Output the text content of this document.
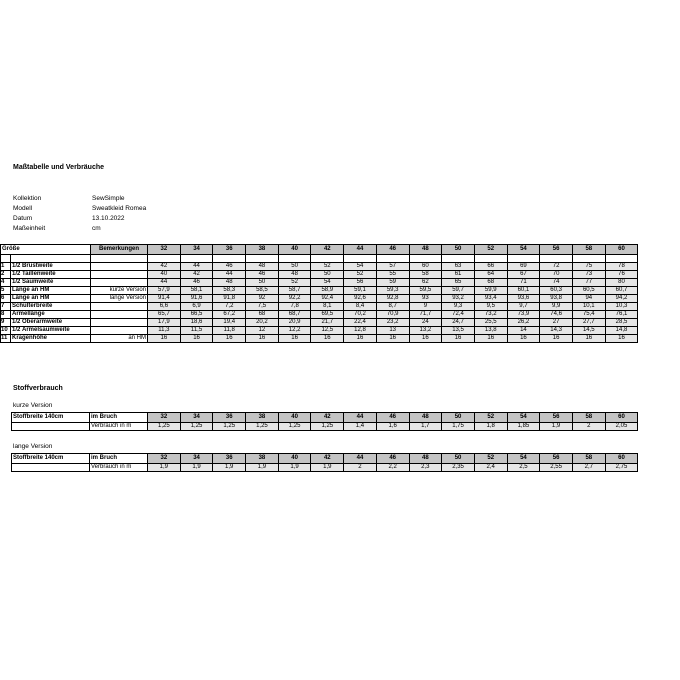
Maßtabelle und Verbräuche
Kollektion	SewSimple
Modell	Sweatkleid Romea
Datum	13.10.2022
Maßeinheit	cm
Größe		Bemerkungen	32	34	36	38	40	42	44	46	48	50	52	54	56	58	60

1	1/2 Brustweite		42	44	46	48	50	52	54	57	60	63	66	69	72	75	78
2	1/2 Taillenweite		40	42	44	46	48	50	52	55	58	61	64	67	70	73	76
4	1/2 Saumweite		44	46	48	50	52	54	56	59	62	65	68	71	74	77	80
5	Länge an HM	kurze Version	57,9	58,1	58,3	58,5	58,7	58,9	59,1	59,3	59,5	59,7	59,9	60,1	60,3	60,5	60,7
6	Länge an HM	lange Version	91,4	91,6	91,8	92	92,2	92,4	92,6	92,8	93	93,2	93,4	93,6	93,8	94	94,2
7	Schulterbreite		6,6	6,9	7,2	7,5	7,8	8,1	8,4	8,7	9	9,3	9,5	9,7	9,9	10,1	10,3
8	Ärmellänge		65,7	66,5	67,2	68	68,7	69,5	70,2	70,9	71,7	72,4	73,2	73,9	74,6	75,4	76,1
9	1/2 Oberarmweite		17,9	18,6	19,4	20,2	20,9	21,7	22,4	23,2	24	24,7	25,5	26,2	27	27,7	28,5
10	1/2 Ärmelsaumweite		11,3	11,5	11,8	12	12,2	12,5	12,8	13	13,2	13,5	13,8	14	14,3	14,5	14,8
11	Kragenhöhe	an HM	16	16	16	16	16	16	16	16	16	16	16	16	16	16	16
Stoffverbrauch
kurze Version
Stoffbreite 140cm	im Bruch	32	34	36	38	40	42	44	46	48	50	52	54	56	58	60
	Verbrauch in m	1,25	1,25	1,25	1,25	1,25	1,25	1,4	1,6	1,7	1,75	1,8	1,85	1,9	2	2,05
lange Version
Stoffbreite 140cm	im Bruch	32	34	36	38	40	42	44	46	48	50	52	54	56	58	60
	Verbrauch in m	1,9	1,9	1,9	1,9	1,9	1,9	2	2,2	2,3	2,35	2,4	2,5	2,55	2,7	2,75
